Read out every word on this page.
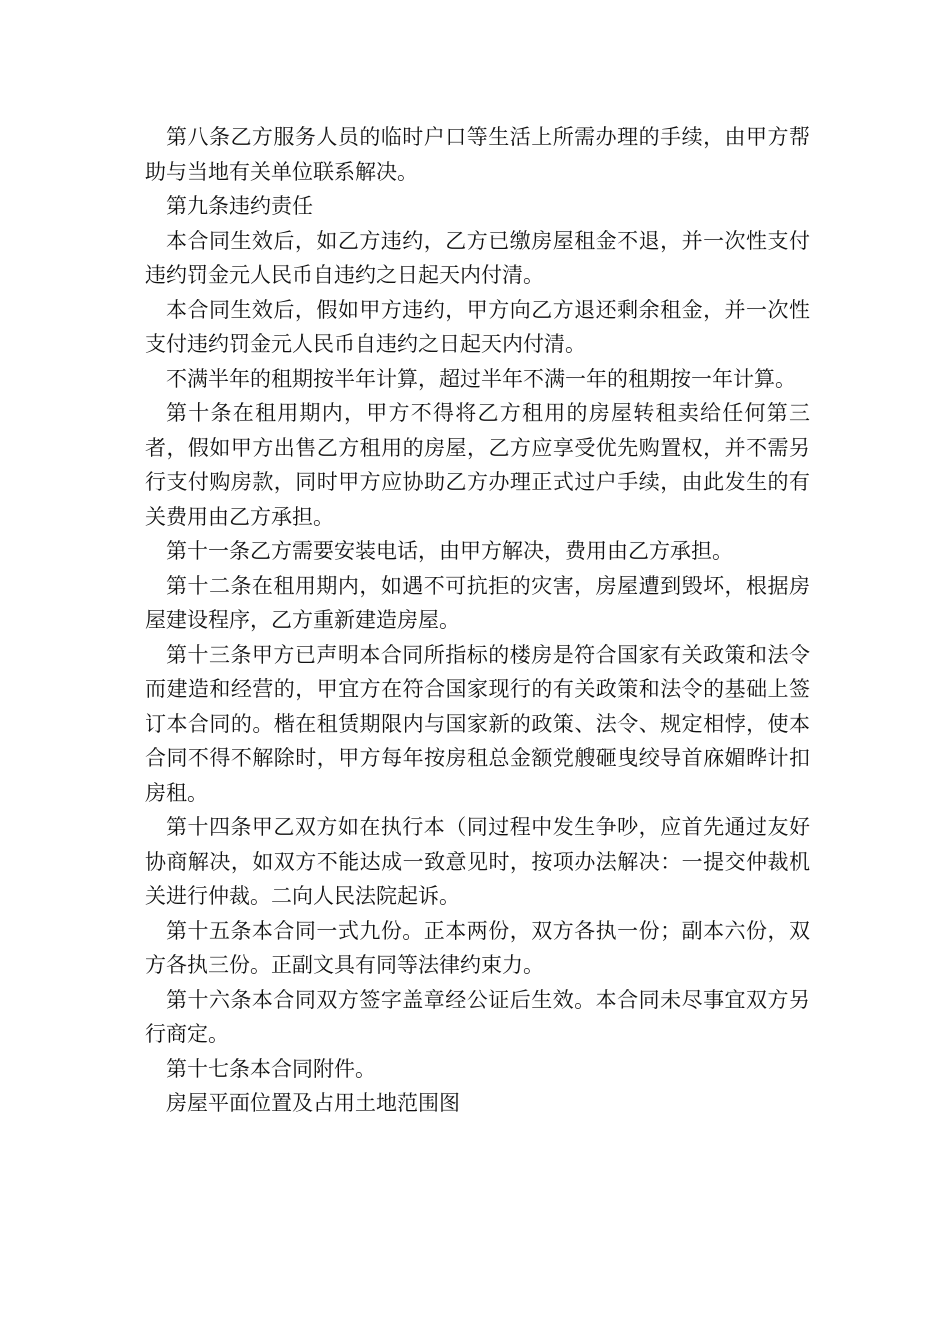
第八条乙方服务人员的临时户口等生活上所需办理的手续，由甲方帮助与当地有关单位联系解决。

第九条违约责任

本合同生效后，如乙方违约，乙方已缴房屋租金不退，并一次性支付违约罚金元人民币自违约之日起天内付清。

本合同生效后，假如甲方违约，甲方向乙方退还剩余租金，并一次性支付违约罚金元人民币自违约之日起天内付清。

不满半年的租期按半年计算，超过半年不满一年的租期按一年计算。

第十条在租用期内，甲方不得将乙方租用的房屋转租卖给任何第三者，假如甲方出售乙方租用的房屋，乙方应享受优先购置权，并不需另行支付购房款，同时甲方应协助乙方办理正式过户手续，由此发生的有关费用由乙方承担。

第十一条乙方需要安装电话，由甲方解决，费用由乙方承担。

第十二条在租用期内，如遇不可抗拒的灾害，房屋遭到毁坏，根据房屋建设程序，乙方重新建造房屋。

第十三条甲方已声明本合同所指标的楼房是符合国家有关政策和法令而建造和经营的，甲宜方在符合国家现行的有关政策和法令的基础上签订本合同的。楷在租赁期限内与国家新的政策、法令、规定相悖，使本合同不得不解除时，甲方每年按房租总金额党艘砸曳绞导首庥媚晔计扣房租。

第十四条甲乙双方如在执行本（同过程中发生争吵，应首先通过友好协商解决，如双方不能达成一致意见时，按项办法解决：一提交仲裁机关进行仲裁。二向人民法院起诉。

第十五条本合同一式九份。正本两份，双方各执一份；副本六份，双方各执三份。正副文具有同等法律约束力。

第十六条本合同双方签字盖章经公证后生效。本合同未尽事宜双方另行商定。

第十七条本合同附件。

房屋平面位置及占用土地范围图
